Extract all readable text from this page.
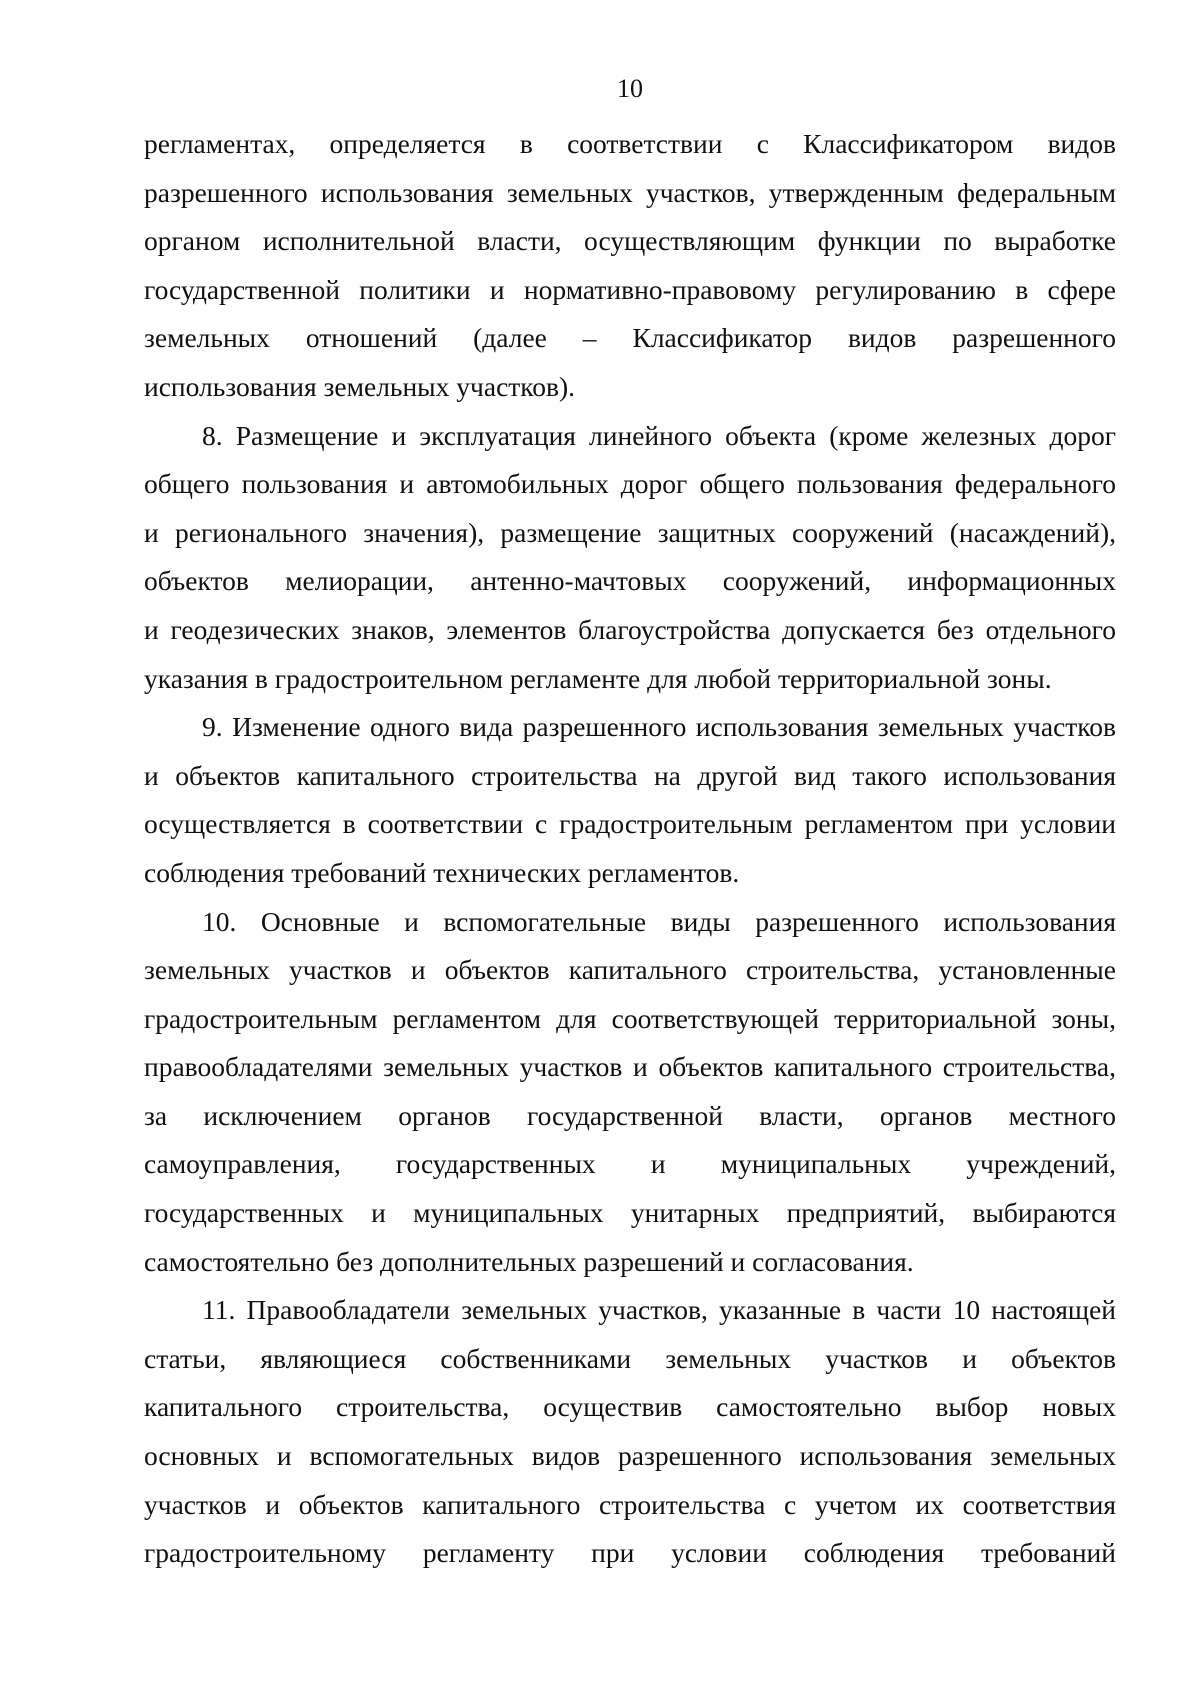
10

регламентах, определяется в соответствии с Классификатором видов
разрешенного использования земельных участков, утвержденным федеральным
органом исполнительной власти, осуществляющим функции по выработке
государственной политики и нормативно-правовому регулированию в сфере
земельных отношений (далее – Классификатор видов разрешенного
использования земельных участков).

8. Размещение и эксплуатация линейного объекта (кроме железных дорог
общего пользования и автомобильных дорог общего пользования федерального
и регионального значения), размещение защитных сооружений (насаждений),
объектов мелиорации, антенно-мачтовых сооружений, информационных
и геодезических знаков, элементов благоустройства допускается без отдельного
указания в градостроительном регламенте для любой территориальной зоны.

9. Изменение одного вида разрешенного использования земельных участков
и объектов капитального строительства на другой вид такого использования
осуществляется в соответствии с градостроительным регламентом при условии
соблюдения требований технических регламентов.

10. Основные и вспомогательные виды разрешенного использования
земельных участков и объектов капитального строительства, установленные
градостроительным регламентом для соответствующей территориальной зоны,
правообладателями земельных участков и объектов капитального строительства,
за исключением органов государственной власти, органов местного
самоуправления, государственных и муниципальных учреждений,
государственных и муниципальных унитарных предприятий, выбираются
самостоятельно без дополнительных разрешений и согласования.

11. Правообладатели земельных участков, указанные в части 10 настоящей
статьи, являющиеся собственниками земельных участков и объектов
капитального строительства, осуществив самостоятельно выбор новых
основных и вспомогательных видов разрешенного использования земельных
участков и объектов капитального строительства с учетом их соответствия
градостроительному регламенту при условии соблюдения требований
